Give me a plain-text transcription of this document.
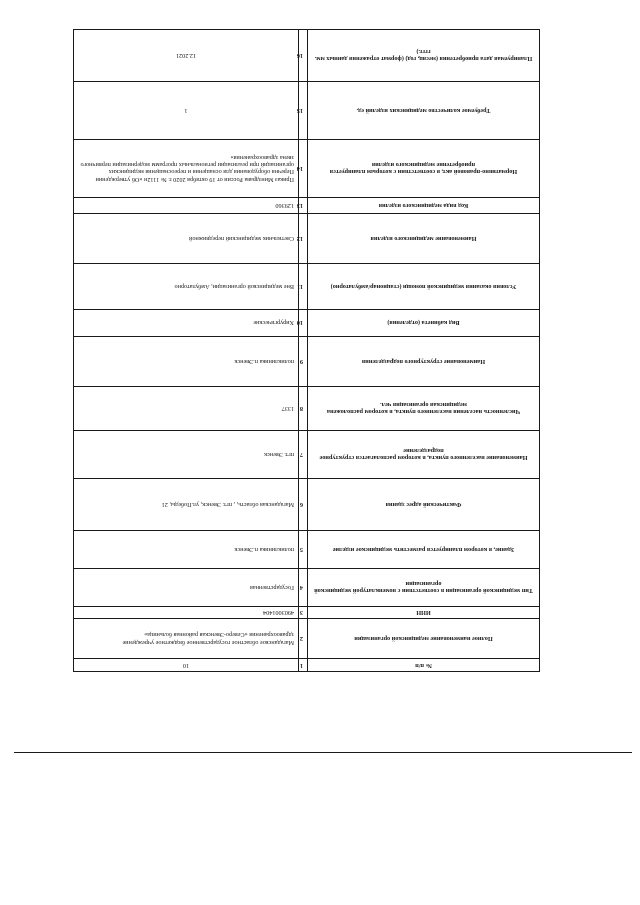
№ п/п	1	10
Полное наименование медицинской организации	2	Магаданское областное государственное бюджетное учреждение здравоохранения «Северо-Эвенская районная больница»
ИНН	3	4903001404
Тип медицинской организации в соответствии с номенклатурой медицинской организации	4	Государственная
Здание, в котором планируется разместить медицинское изделие	5	поликлиника п.Эвенск
Фактический адрес здания	6	Магаданская область, , пгт. Эвенск, ул.Победы, 21
Наименование населенного пункта, в котором располагается структурное подразделение	7	пгт. Эвенск
Численность населения населенного пункта, в котором расположена медицинская организация чел.	8	1337
Наименование структурного подразделения	9	поликлиника п.Эвенск
Вид кабинета (отделения)	10	Хирургические
Условия оказания медицинской помощи (стационар/амбулаторно)	11	Вне медицинской организации, Амбулаторно
Наименование медицинского изделия	12	Светильник медицинский передвижной
Код вида медицинского изделия	13	129360
Нормативно-правовой акт, в соответствии с которым планируется приобретение медицинского изделия	14	Приказ Минздрава России от 19 октября 2020 г. № 1112н «Об утверждении Перечня оборудования для оснащения и переоснащения медицинских организаций при реализации региональных программ модернизации первичного звена здравоохранения»
Требуемое количество медицинских изделий ед.	15	1
Планируемая дата приобретения (месяц, год) (формат отражения данных мм. гггг.)	16	12.2021
